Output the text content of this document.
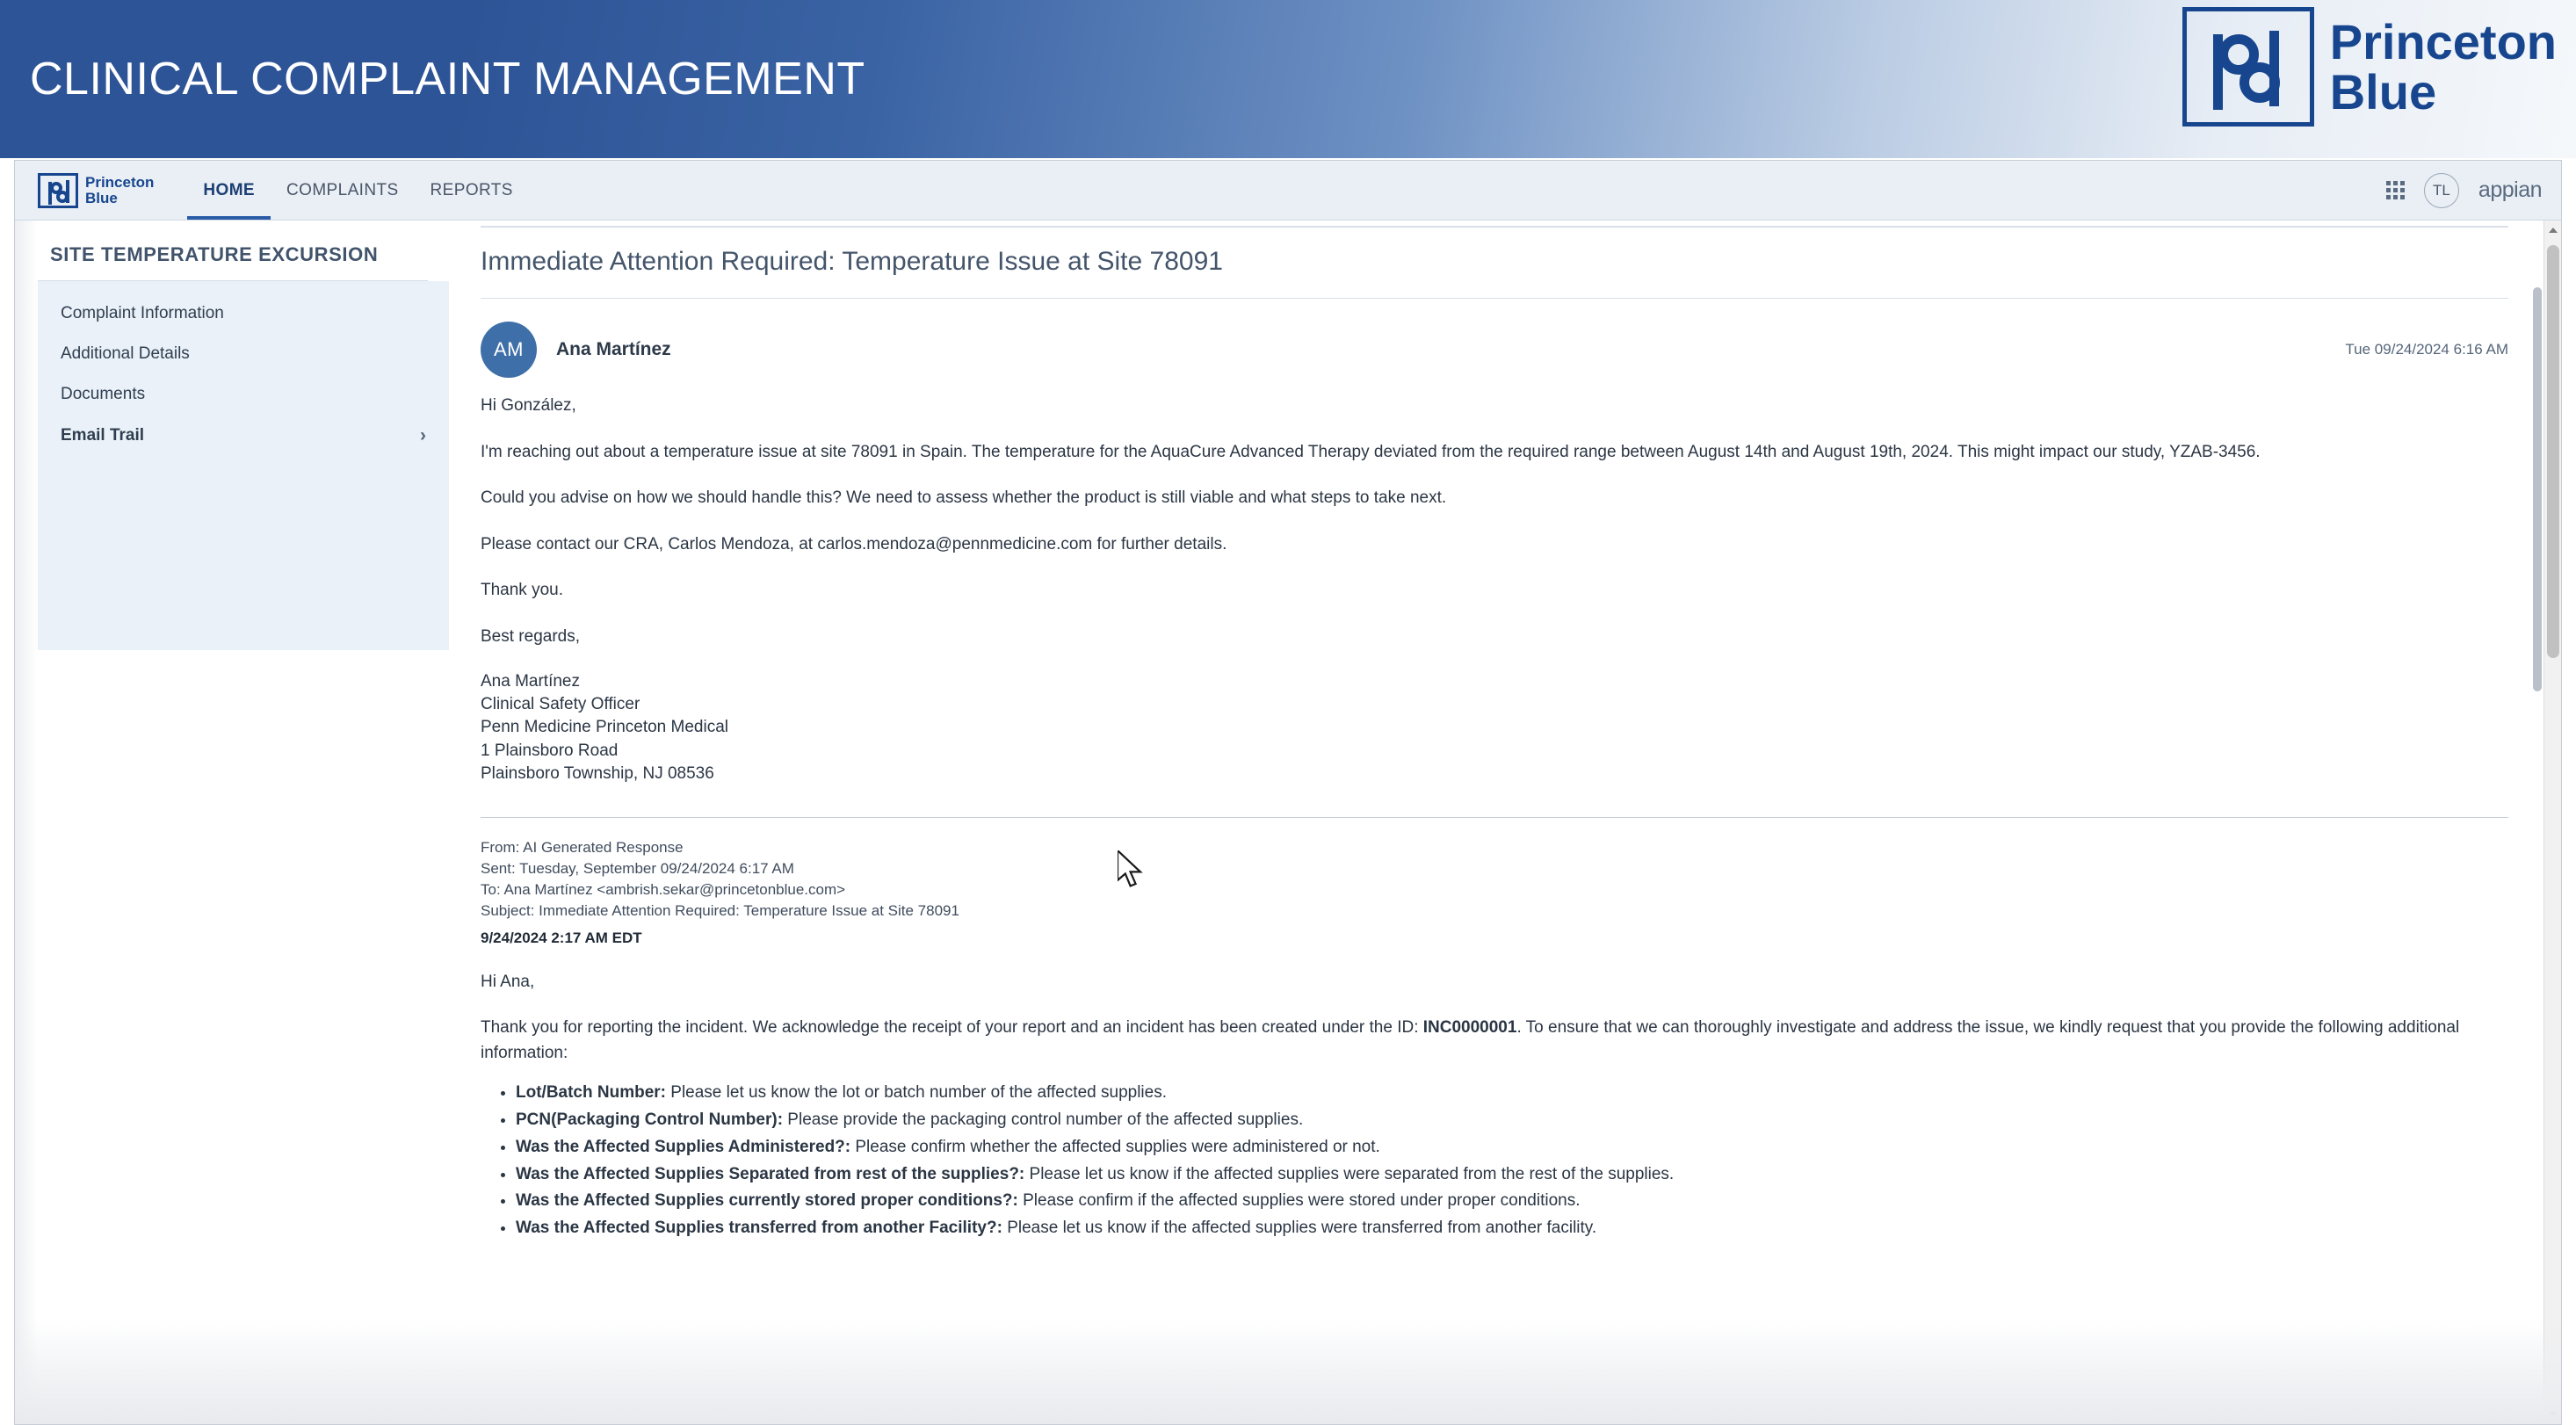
CLINICAL COMPLAINT MANAGEMENT
Princeton
Blue
Princeton
Blue	HOME	COMPLAINTS	REPORTS	TL	appian
SITE TEMPERATURE EXCURSION
Complaint Information
Additional Details
Documents
Email Trail	›
Immediate Attention Required: Temperature Issue at Site 78091
AM	Ana Martínez	Tue 09/24/2024 6:16 AM

Hi González,

I'm reaching out about a temperature issue at site 78091 in Spain. The temperature for the AquaCure Advanced Therapy deviated from the required range between August 14th and August 19th, 2024. This might impact our study, YZAB-3456.

Could you advise on how we should handle this? We need to assess whether the product is still viable and what steps to take next.

Please contact our CRA, Carlos Mendoza, at carlos.mendoza@pennmedicine.com for further details.

Thank you.

Best regards,

Ana Martínez
Clinical Safety Officer
Penn Medicine Princeton Medical
1 Plainsboro Road
Plainsboro Township, NJ 08536

From: AI Generated Response
Sent: Tuesday, September 09/24/2024 6:17 AM
To: Ana Martínez <ambrish.sekar@princetonblue.com>
Subject: Immediate Attention Required: Temperature Issue at Site 78091
9/24/2024 2:17 AM EDT

Hi Ana,

Thank you for reporting the incident. We acknowledge the receipt of your report and an incident has been created under the ID: INC0000001. To ensure that we can thoroughly investigate and address the issue, we kindly request that you provide the following additional information:

• Lot/Batch Number: Please let us know the lot or batch number of the affected supplies.
• PCN(Packaging Control Number): Please provide the packaging control number of the affected supplies.
• Was the Affected Supplies Administered?: Please confirm whether the affected supplies were administered or not.
• Was the Affected Supplies Separated from rest of the supplies?: Please let us know if the affected supplies were separated from the rest of the supplies.
• Was the Affected Supplies currently stored proper conditions?: Please confirm if the affected supplies were stored under proper conditions.
• Was the Affected Supplies transferred from another Facility?: Please let us know if the affected supplies were transferred from another facility.
